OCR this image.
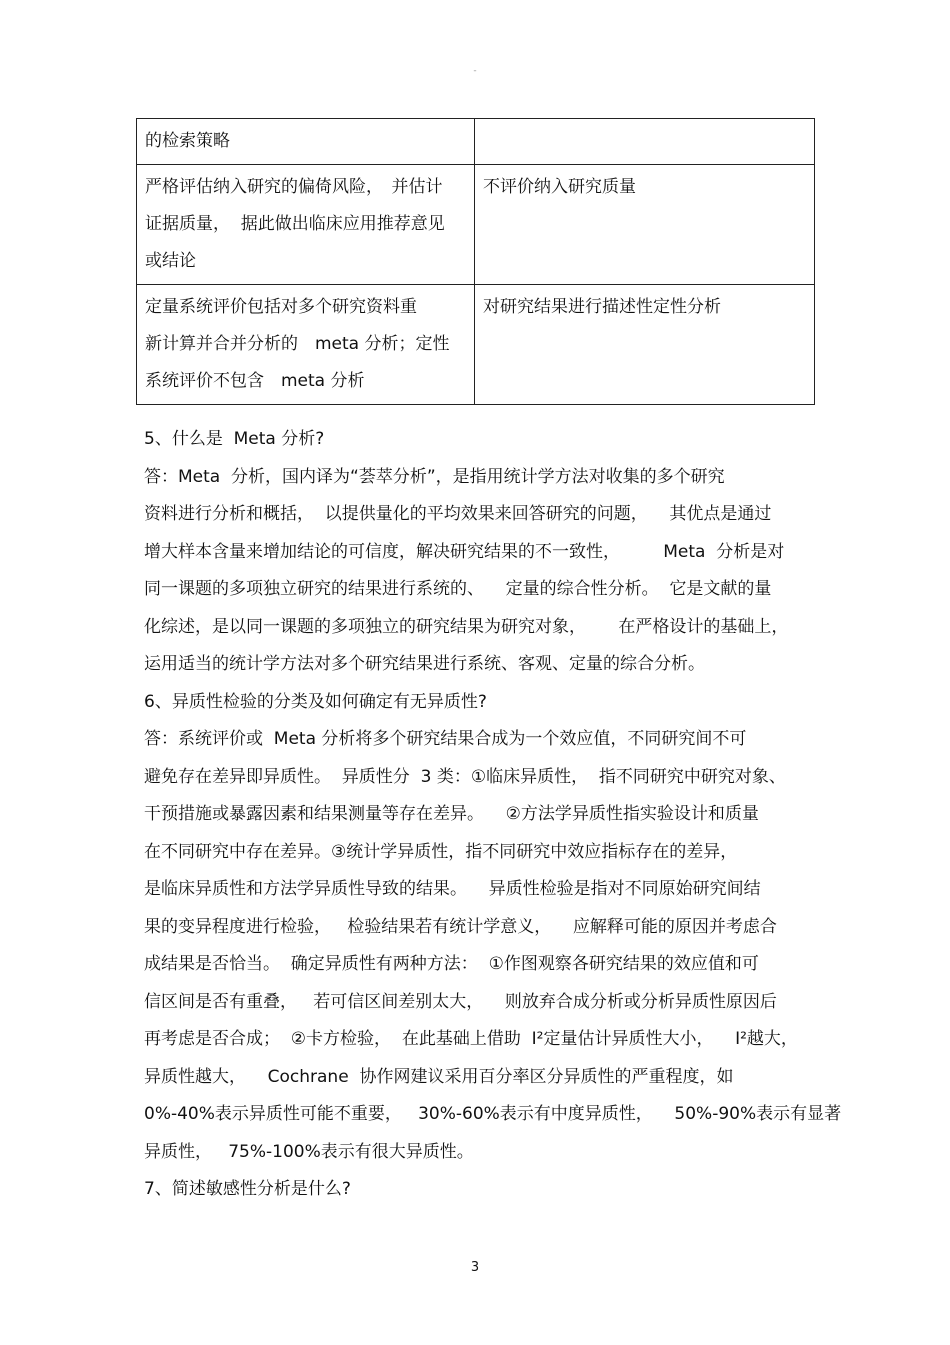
-
的检索策略	

严格评估纳入研究的偏倚风险，　并估计
证据质量，  据此做出临床应用推荐意见
或结论	不评价纳入研究质量

定量系统评价包括对多个研究资料重
新计算并合并分析的　meta 分析；定性
系统评价不包含　meta 分析	对研究结果进行描述性定性分析
5、什么是  Meta 分析?
答：Meta  分析，国内译为“荟萃分析”，是指用统计学方法对收集的多个研究
资料进行分析和概括，  以提供量化的平均效果来回答研究的问题，    其优点是通过
增大样本含量来增加结论的可信度，解决研究结果的不一致性，        Meta  分析是对
同一课题的多项独立研究的结果进行系统的、    定量的综合性分析。  它是文献的量
化综述，是以同一课题的多项独立的研究结果为研究对象，      在严格设计的基础上，
运用适当的统计学方法对多个研究结果进行系统、客观、定量的综合分析。
6、异质性检验的分类及如何确定有无异质性?
答：系统评价或  Meta 分析将多个研究结果合成为一个效应值，不同研究间不可
避免存在差异即异质性。  异质性分  3 类：①临床异质性，  指不同研究中研究对象、
干预措施或暴露因素和结果测量等存在差异。    ②方法学异质性指实验设计和质量
在不同研究中存在差异。③统计学异质性，指不同研究中效应指标存在的差异，
是临床异质性和方法学异质性导致的结果。    异质性检验是指对不同原始研究间结
果的变异程度进行检验，   检验结果若有统计学意义，    应解释可能的原因并考虑合
成结果是否恰当。  确定异质性有两种方法：  ①作图观察各研究结果的效应值和可
信区间是否有重叠，   若可信区间差别太大，    则放弃合成分析或分析异质性原因后
再考虑是否合成；  ②卡方检验，  在此基础上借助  I²定量估计异质性大小，    I²越大，
异质性越大，    Cochrane  协作网建议采用百分率区分异质性的严重程度，如
0%-40%表示异质性可能不重要，   30%-60%表示有中度异质性，    50%-90%表示有显著
异质性，   75%-100%表示有很大异质性。
7、简述敏感性分析是什么?
3
